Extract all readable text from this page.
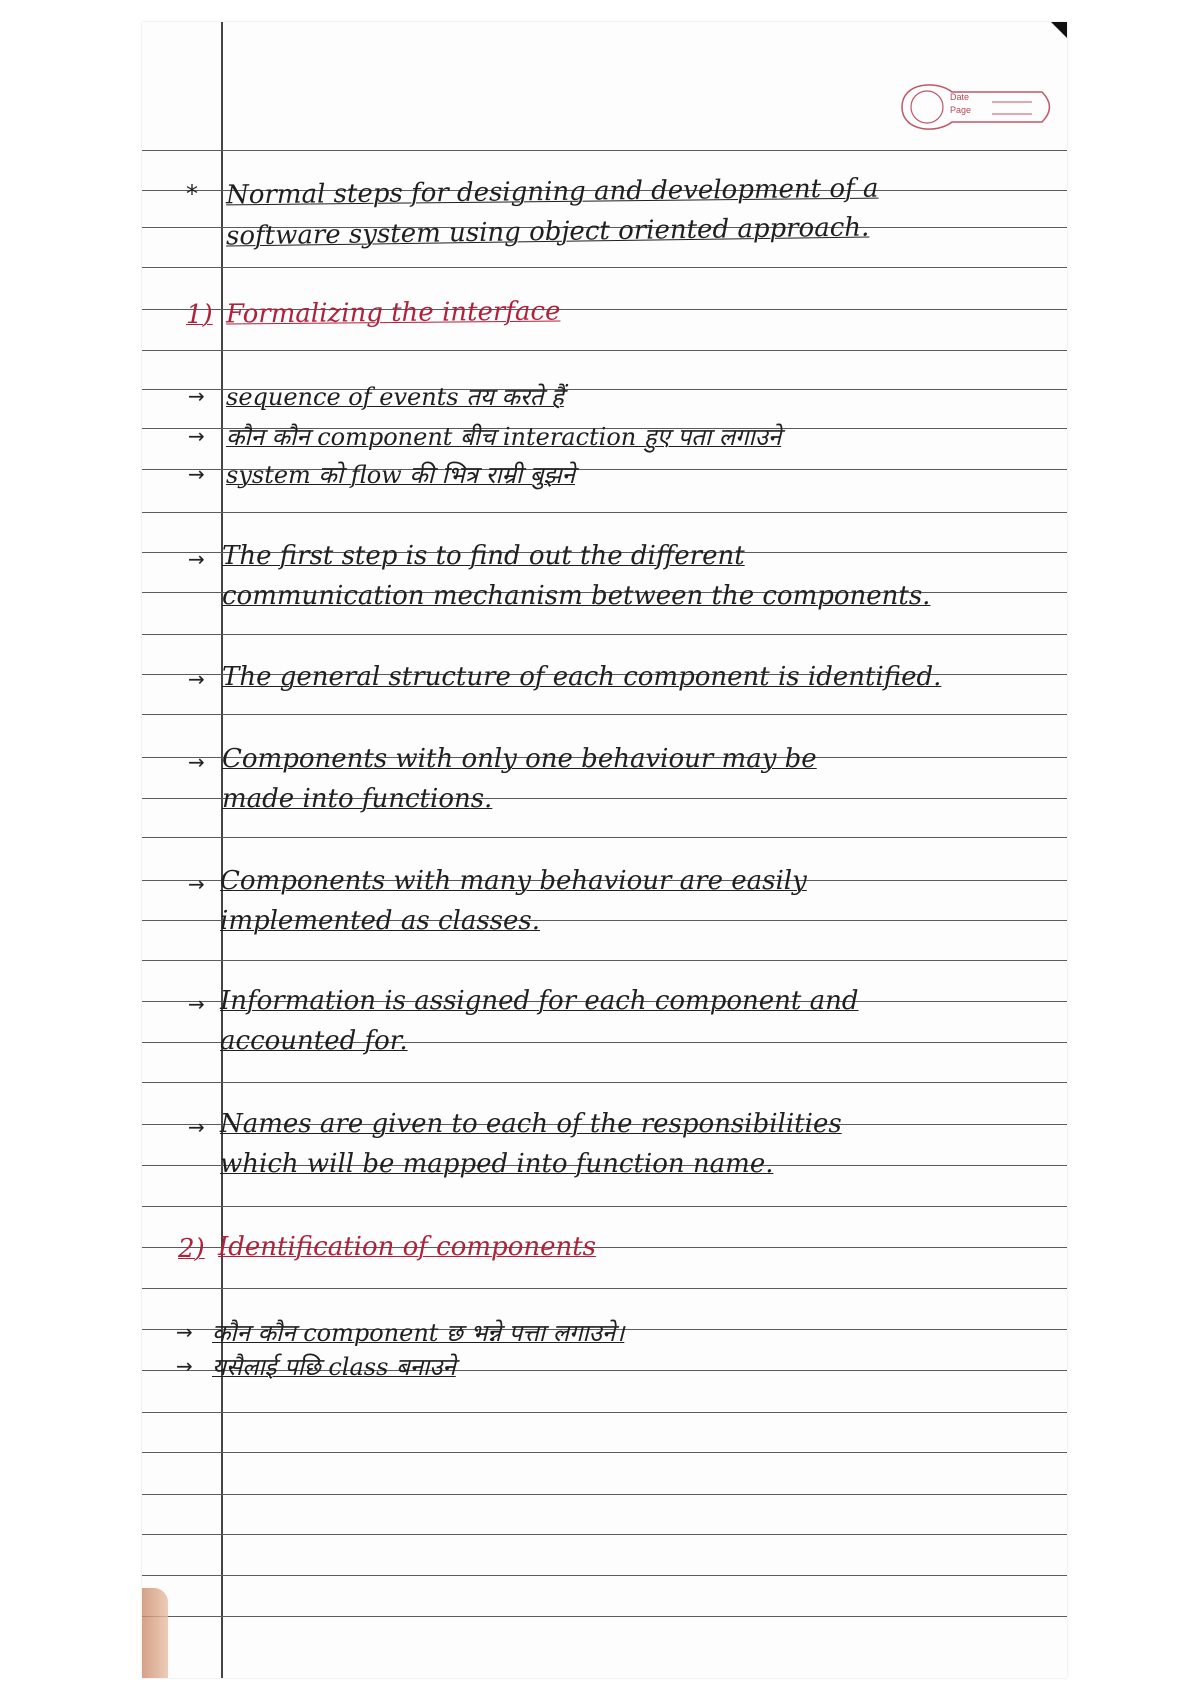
Date
Page
* Normal steps for designing and development of a
software system using object oriented approach.
1) Formalizing the interface
→ sequence of events तय करते हैं
→ कौन कौन component बीच interaction हुए पता लगाउने
→ system को flow की भित्र राम्री बुझने
→ The first step is to find out the different
communication mechanism between the components.
→ The general structure of each component is identified.
→ Components with only one behaviour may be
made into functions.
→ Components with many behaviour are easily
implemented as classes.
→ Information is assigned for each component and
accounted for.
→ Names are given to each of the responsibilities
which will be mapped into function name.
2) Identification of components
→ कौन कौन component छ भन्ने पत्ता लगाउने।
→ यसैलाई पछि class बनाउने
